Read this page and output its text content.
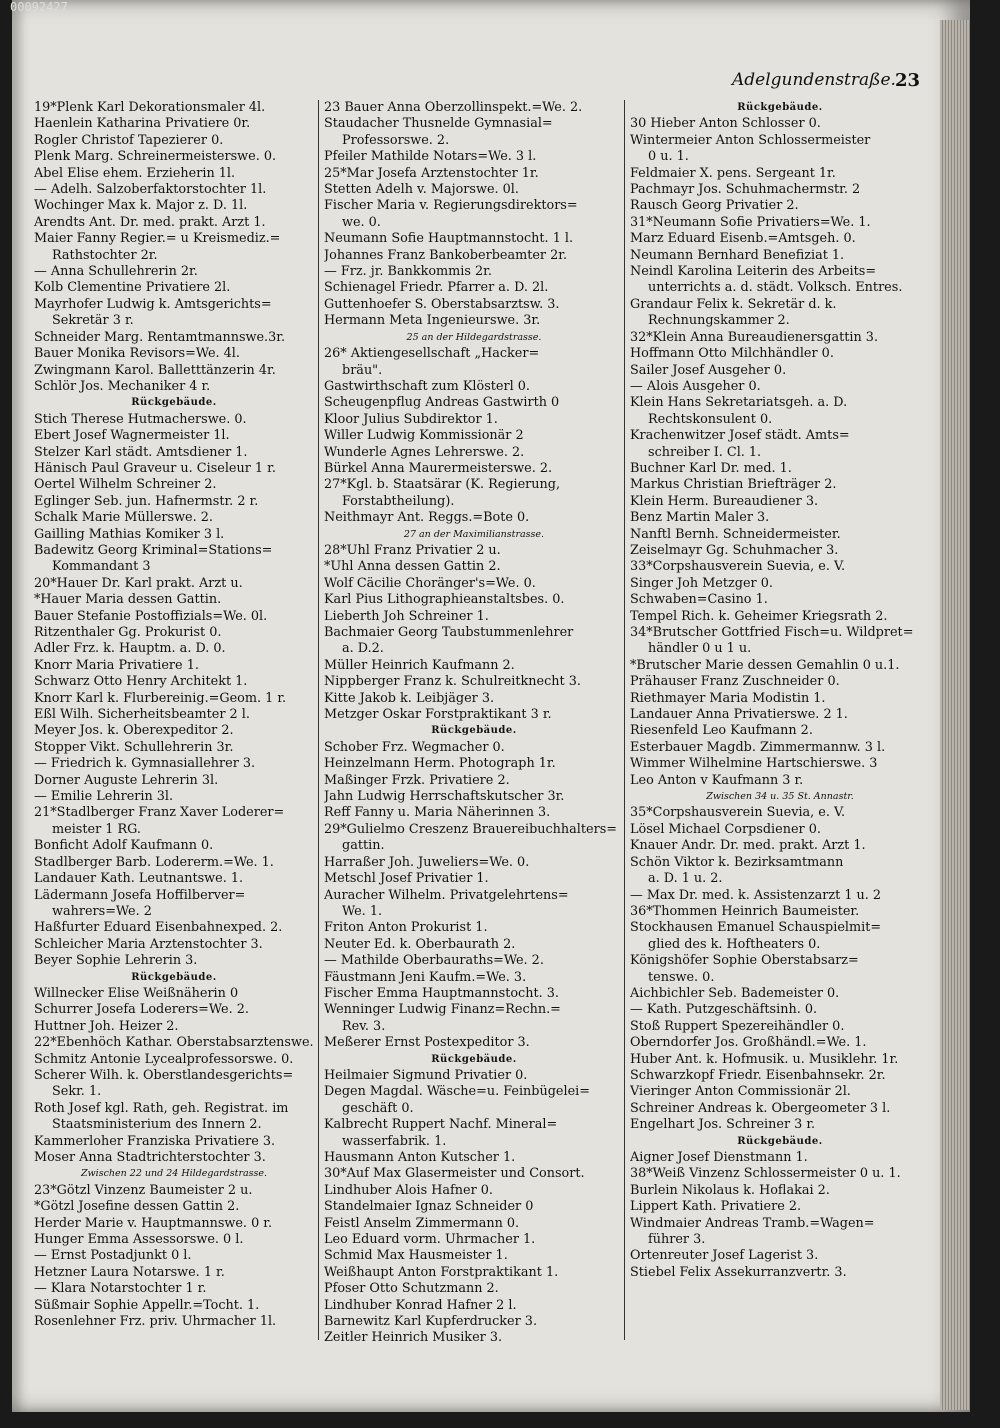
Adelgundenstraße.
23
19*Plenk Karl Dekorationsmaler 4l.
Haenlein Katharina Privatiere 0r.
Rogler Christof Tapezierer 0.
Plenk Marg. Schreinermeisterswe. 0.
Abel Elise ehem. Erzieherin 1l.
— Adelh. Salzoberfaktorstochter 1l.
Wochinger Max k. Major z. D. 1l.
Arendts Ant. Dr. med. prakt. Arzt 1.
Maier Fanny Regier.= u Kreismediz.=
Rathstochter 2r.
— Anna Schullehrerin 2r.
Kolb Clementine Privatiere 2l.
Mayrhofer Ludwig k. Amtsgerichts=
Sekretär 3 r.
Schneider Marg. Rentamtmannswe.3r.
Bauer Monika Revisors=We. 4l.
Zwingmann Karol. Balletttänzerin 4r.
Schlör Jos. Mechaniker 4 r.
Rückgebäude.
Stich Therese Hutmacherswe. 0.
Ebert Josef Wagnermeister 1l.
Stelzer Karl städt. Amtsdiener 1.
Hänisch Paul Graveur u. Ciseleur 1 r.
Oertel Wilhelm Schreiner 2.
Eglinger Seb. jun. Hafnermstr. 2 r.
Schalk Marie Müllerswe. 2.
Gailling Mathias Komiker 3 l.
Badewitz Georg Kriminal=Stations=
Kommandant 3
20*Hauer Dr. Karl prakt. Arzt u.
*Hauer Maria dessen Gattin.
Bauer Stefanie Postoffizials=We. 0l.
Ritzenthaler Gg. Prokurist 0.
Adler Frz. k. Hauptm. a. D. 0.
Knorr Maria Privatiere 1.
Schwarz Otto Henry Architekt 1.
Knorr Karl k. Flurbereinig.=Geom. 1 r.
Eßl Wilh. Sicherheitsbeamter 2 l.
Meyer Jos. k. Oberexpeditor 2.
Stopper Vikt. Schullehrerin 3r.
— Friedrich k. Gymnasiallehrer 3.
Dorner Auguste Lehrerin 3l.
— Emilie Lehrerin 3l.
21*Stadlberger Franz Xaver Loderer=
meister 1 RG.
Bonficht Adolf Kaufmann 0.
Stadlberger Barb. Lodererm.=We. 1.
Landauer Kath. Leutnantswe. 1.
Lädermann Josefa Hoffilberver=
wahrers=We. 2
Haßfurter Eduard Eisenbahnexped. 2.
Schleicher Maria Arztenstochter 3.
Beyer Sophie Lehrerin 3.
Rückgebäude.
Willnecker Elise Weißnäherin 0
Schurrer Josefa Loderers=We. 2.
Huttner Joh. Heizer 2.
22*Ebenhöch Kathar. Oberstabsarztenswe.
Schmitz Antonie Lycealprofessorswe. 0.
Scherer Wilh. k. Oberstlandesgerichts=
Sekr. 1.
Roth Josef kgl. Rath, geh. Registrat. im
Staatsministerium des Innern 2.
Kammerloher Franziska Privatiere 3.
Moser Anna Stadtrichterstochter 3.
Zwischen 22 und 24 Hildegardstrasse.
23*Götzl Vinzenz Baumeister 2 u.
*Götzl Josefine dessen Gattin 2.
Herder Marie v. Hauptmannswe. 0 r.
Hunger Emma Assessorswe. 0 l.
— Ernst Postadjunkt 0 l.
Hetzner Laura Notarswe. 1 r.
— Klara Notarstochter 1 r.
Süßmair Sophie Appellr.=Tocht. 1.
Rosenlehner Frz. priv. Uhrmacher 1l.
23 Bauer Anna Oberzollinspekt.=We. 2.
Staudacher Thusnelde Gymnasial=
Professorswe. 2.
Pfeiler Mathilde Notars=We. 3 l.
25*Mar Josefa Arztenstochter 1r.
Stetten Adelh v. Majorswe. 0l.
Fischer Maria v. Regierungsdirektors=
we. 0.
Neumann Sofie Hauptmannstocht. 1 l.
Johannes Franz Bankoberbeamter 2r.
— Frz. jr. Bankkommis 2r.
Schienagel Friedr. Pfarrer a. D. 2l.
Guttenhoefer S. Oberstabsarztsw. 3.
Hermann Meta Ingenieurswe. 3r.
25 an der Hildegardstrasse.
26* Aktiengesellschaft „Hacker=
bräu".
Gastwirthschaft zum Klösterl 0.
Scheugenpflug Andreas Gastwirth 0
Kloor Julius Subdirektor 1.
Willer Ludwig Kommissionär 2
Wunderle Agnes Lehrerswe. 2.
Bürkel Anna Maurermeisterswe. 2.
27*Kgl. b. Staatsärar (K. Regierung,
Forstabtheilung).
Neithmayr Ant. Reggs.=Bote 0.
27 an der Maximilianstrasse.
28*Uhl Franz Privatier 2 u.
*Uhl Anna dessen Gattin 2.
Wolf Cäcilie Choränger's=We. 0.
Karl Pius Lithographieanstaltsbes. 0.
Lieberth Joh Schreiner 1.
Bachmaier Georg Taubstummenlehrer
a. D.2.
Müller Heinrich Kaufmann 2.
Nippberger Franz k. Schulreitknecht 3.
Kitte Jakob k. Leibjäger 3.
Metzger Oskar Forstpraktikant 3 r.
Rückgebäude.
Schober Frz. Wegmacher 0.
Heinzelmann Herm. Photograph 1r.
Maßinger Frzk. Privatiere 2.
Jahn Ludwig Herrschaftskutscher 3r.
Reff Fanny u. Maria Näherinnen 3.
29*Gulielmo Creszenz Brauereibuchhalters=
gattin.
Harraßer Joh. Juweliers=We. 0.
Metschl Josef Privatier 1.
Auracher Wilhelm. Privatgelehrtens=
We. 1.
Friton Anton Prokurist 1.
Neuter Ed. k. Oberbaurath 2.
— Mathilde Oberbauraths=We. 2.
Fäustmann Jeni Kaufm.=We. 3.
Fischer Emma Hauptmannstocht. 3.
Wenninger Ludwig Finanz=Rechn.=
Rev. 3.
Meßerer Ernst Postexpeditor 3.
Rückgebäude.
Heilmaier Sigmund Privatier 0.
Degen Magdal. Wäsche=u. Feinbügelei=
geschäft 0.
Kalbrecht Ruppert Nachf. Mineral=
wasserfabrik. 1.
Hausmann Anton Kutscher 1.
30*Auf Max Glasermeister und Consort.
Lindhuber Alois Hafner 0.
Standelmaier Ignaz Schneider 0
Feistl Anselm Zimmermann 0.
Leo Eduard vorm. Uhrmacher 1.
Schmid Max Hausmeister 1.
Weißhaupt Anton Forstpraktikant 1.
Pfoser Otto Schutzmann 2.
Lindhuber Konrad Hafner 2 l.
Barnewitz Karl Kupferdrucker 3.
Zeitler Heinrich Musiker 3.
Rückgebäude.
30 Hieber Anton Schlosser 0.
Wintermeier Anton Schlossermeister
0 u. 1.
Feldmaier X. pens. Sergeant 1r.
Pachmayr Jos. Schuhmachermstr. 2
Rausch Georg Privatier 2.
31*Neumann Sofie Privatiers=We. 1.
Marz Eduard Eisenb.=Amtsgeh. 0.
Neumann Bernhard Benefiziat 1.
Neindl Karolina Leiterin des Arbeits=
unterrichts a. d. städt. Volksch. Entres.
Grandaur Felix k. Sekretär d. k.
Rechnungskammer 2.
32*Klein Anna Bureaudienersgattin 3.
Hoffmann Otto Milchhändler 0.
Sailer Josef Ausgeher 0.
— Alois Ausgeher 0.
Klein Hans Sekretariatsgeh. a. D.
Rechtskonsulent 0.
Krachenwitzer Josef städt. Amts=
schreiber I. Cl. 1.
Buchner Karl Dr. med. 1.
Markus Christian Briefträger 2.
Klein Herm. Bureaudiener 3.
Benz Martin Maler 3.
Nanftl Bernh. Schneidermeister.
Zeiselmayr Gg. Schuhmacher 3.
33*Corpshausverein Suevia, e. V.
Singer Joh Metzger 0.
Schwaben=Casino 1.
Tempel Rich. k. Geheimer Kriegsrath 2.
34*Brutscher Gottfried Fisch=u. Wildpret=
händler 0 u 1 u.
*Brutscher Marie dessen Gemahlin 0 u.1.
Prähauser Franz Zuschneider 0.
Riethmayer Maria Modistin 1.
Landauer Anna Privatierswe. 2 1.
Riesenfeld Leo Kaufmann 2.
Esterbauer Magdb. Zimmermannw. 3 l.
Wimmer Wilhelmine Hartschierswe. 3
Leo Anton v Kaufmann 3 r.
Zwischen 34 u. 35 St. Annastr.
35*Corpshausverein Suevia, e. V.
Lösel Michael Corpsdiener 0.
Knauer Andr. Dr. med. prakt. Arzt 1.
Schön Viktor k. Bezirksamtmann
a. D. 1 u. 2.
— Max Dr. med. k. Assistenzarzt 1 u. 2
36*Thommen Heinrich Baumeister.
Stockhausen Emanuel Schauspielmit=
glied des k. Hoftheaters 0.
Königshöfer Sophie Oberstabsarz=
tenswe. 0.
Aichbichler Seb. Bademeister 0.
— Kath. Putzgeschäftsinh. 0.
Stoß Ruppert Spezereihändler 0.
Oberndorfer Jos. Großhändl.=We. 1.
Huber Ant. k. Hofmusik. u. Musiklehr. 1r.
Schwarzkopf Friedr. Eisenbahnsekr. 2r.
Vieringer Anton Commissionär 2l.
Schreiner Andreas k. Obergeometer 3 l.
Engelhart Jos. Schreiner 3 r.
Rückgebäude.
Aigner Josef Dienstmann 1.
38*Weiß Vinzenz Schlossermeister 0 u. 1.
Burlein Nikolaus k. Hoflakai 2.
Lippert Kath. Privatiere 2.
Windmaier Andreas Tramb.=Wagen=
führer 3.
Ortenreuter Josef Lagerist 3.
Stiebel Felix Assekurranzvertr. 3.
00092427
